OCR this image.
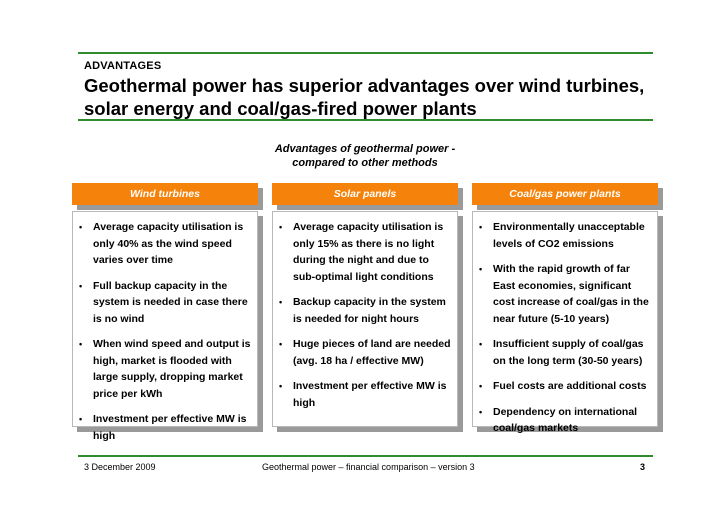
ADVANTAGES
Geothermal power has superior advantages over wind turbines, solar energy and coal/gas-fired power plants
Advantages of geothermal power -
compared to other methods
Wind turbines
•	Average capacity utilisation is only 40% as the wind speed varies over time
•	Full backup capacity in the system is needed in case there is no wind
•	When wind speed and output is high, market is flooded with large supply, dropping market price per kWh
•	Investment per effective MW is high
Solar panels
•	Average capacity utilisation is only 15% as there is no light during the night and due to sub-optimal light conditions
•	Backup capacity in the system is needed for night hours
•	Huge pieces of land are needed (avg. 18 ha / effective MW)
•	Investment per effective MW is high
Coal/gas power plants
•	Environmentally unacceptable levels of CO2 emissions
•	With the rapid growth of far East economies, significant cost increase of coal/gas in the near future (5-10 years)
•	Insufficient supply of coal/gas on the long term (30-50 years)
•	Fuel costs are additional costs
•	Dependency on international coal/gas markets
3 December 2009	Geothermal power – financial comparison – version 3	3
